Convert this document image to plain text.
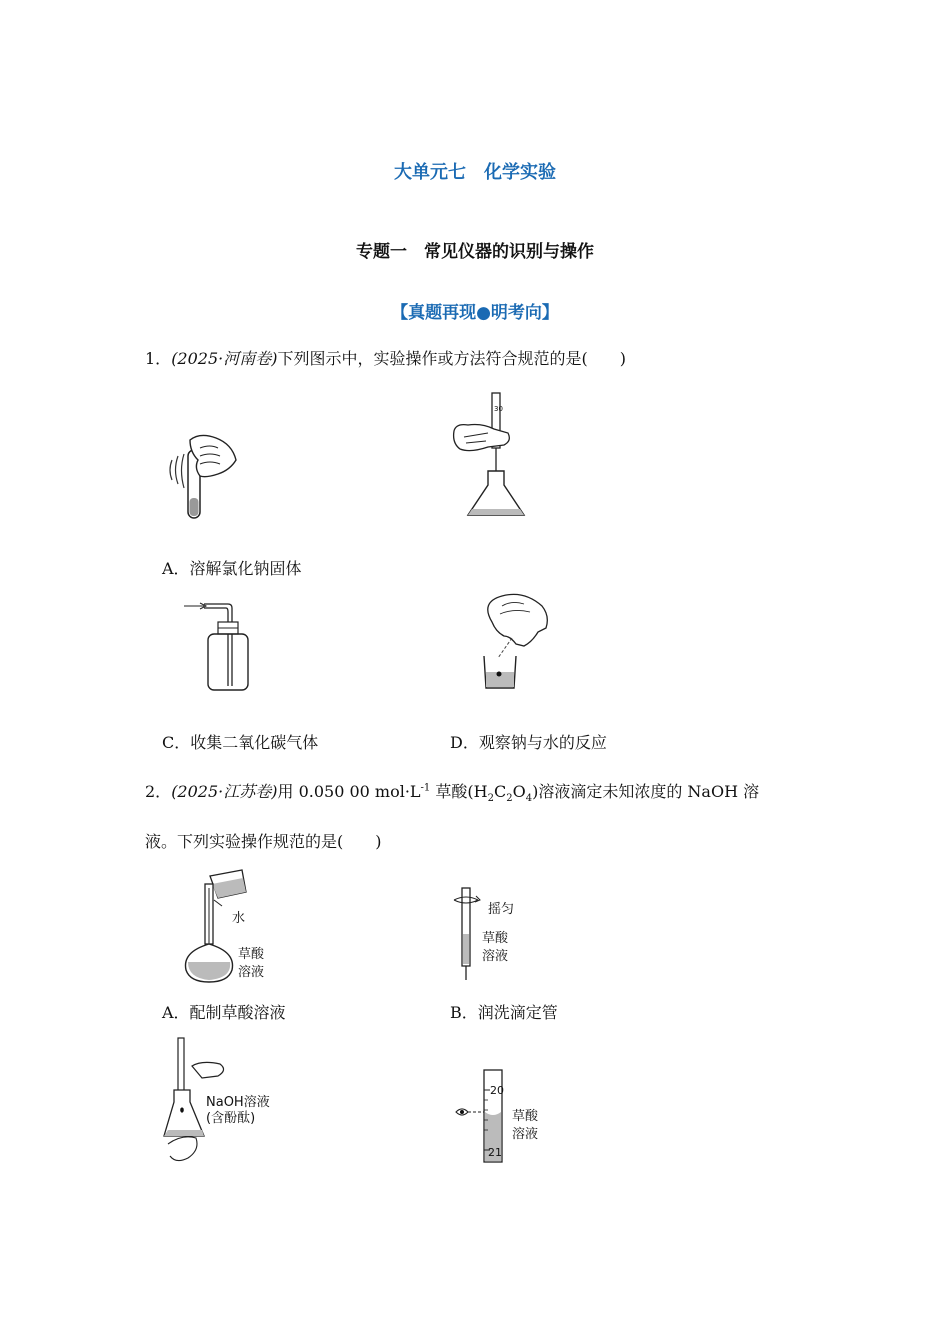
大单元七　化学实验
专题一　常见仪器的识别与操作
【真题再现●明考向】
1．(2025·河南卷)下列图示中，实验操作或方法符合规范的是(　　)
30
A．溶解氯化钠固体
C．收集二氧化碳气体	D．观察钠与水的反应
2．(2025·江苏卷)用 0.050 00 $mol\cdot L^{-1}$ 草酸$(H_2C_2O_4)$溶液滴定未知浓度的 NaOH 溶
液。下列实验操作规范的是(　　)
水
草酸
溶液
摇匀
草酸
溶液
A．配制草酸溶液	B．润洗滴定管
NaOH溶液
(含酚酞)
20
21
草酸
溶液
